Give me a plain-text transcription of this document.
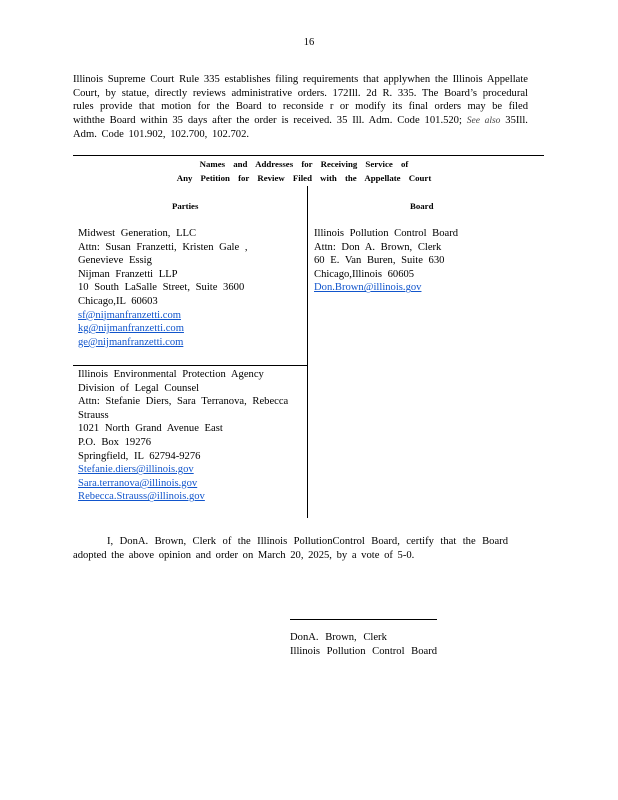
16
Illinois Supreme Court Rule 335 establishes filing requirements that applywhen the Illinois Appellate Court, by statue, directly reviews administrative orders. 172Ill. 2d R. 335. The Board’s procedural rules provide that motion for the Board to reconside r or modify its final orders may be filed withthe Board within 35 days after the order is received. 35 Ill. Adm. Code 101.520; See also 35Ill. Adm. Code 101.902, 102.700, 102.702.
Names and Addresses for Receiving Service of
Any Petition for Review Filed with the Appellate Court
Parties	Board
Midwest Generation, LLC
Attn: Susan Franzetti, Kristen Gale ,
Genevieve Essig
Nijman Franzetti LLP
10 South LaSalle Street, Suite 3600
Chicago,IL 60603
sf@nijmanfranzetti.com
kg@nijmanfranzetti.com
ge@nijmanfranzetti.com
Illinois Environmental Protection Agency
Division of Legal Counsel
Attn: Stefanie Diers, Sara Terranova, Rebecca
Strauss
1021 North Grand Avenue East
P.O. Box 19276
Springfield, IL 62794-9276
Stefanie.diers@illinois.gov
Sara.terranova@illinois.gov
Rebecca.Strauss@illinois.gov
Illinois Pollution Control Board
Attn: Don A. Brown, Clerk
60 E. Van Buren, Suite 630
Chicago,Illinois 60605
Don.Brown@illinois.gov
I, DonA. Brown, Clerk of the Illinois PollutionControl Board, certify that the Board adopted the above opinion and order on March 20, 2025, by a vote of 5-0.
DonA. Brown, Clerk
Illinois Pollution Control Board
